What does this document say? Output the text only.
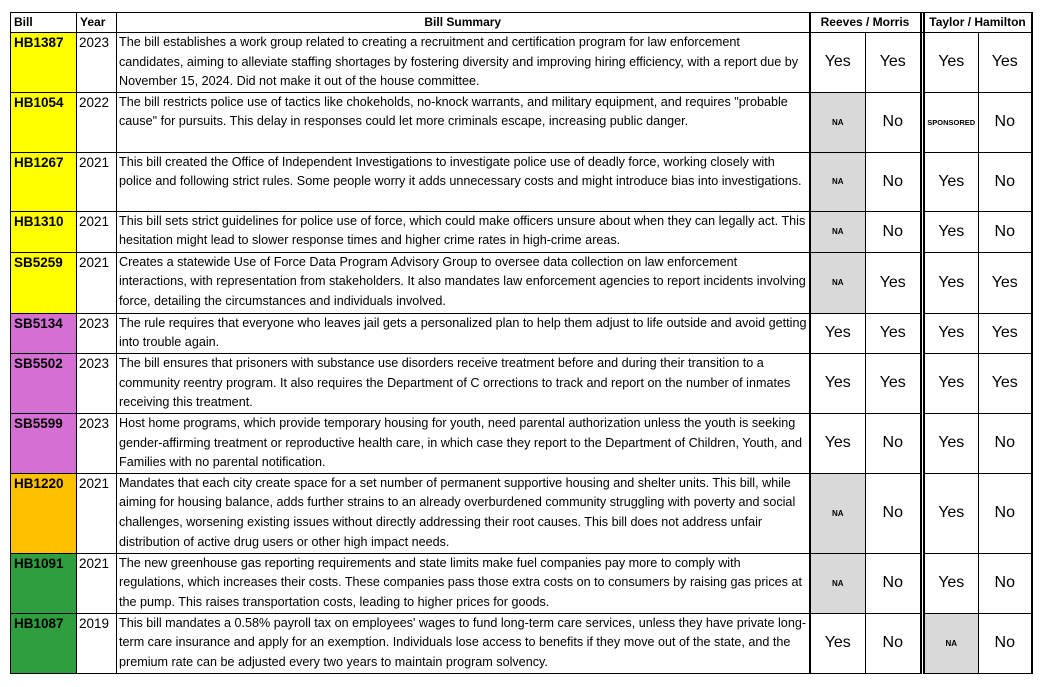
Bill	Year	Bill Summary	Reeves / Morris			Taylor / Hamilton	
HB1387	2023	The bill establishes a work group related to creating a recruitment and certification program for law enforcement candidates, aiming to alleviate staffing shortages by fostering diversity and improving hiring efficiency, with a report due by November 15, 2024. Did not make it out of the house committee.	Yes	Yes		Yes	Yes
HB1054	2022	The bill restricts police use of tactics like chokeholds, no-knock warrants, and military equipment, and requires "probable cause" for pursuits. This delay in responses could let more criminals escape, increasing public danger.	NA	No		SPONSORED	No
HB1267	2021	This bill created the Office of Independent Investigations to investigate police use of deadly force, working closely with police and following strict rules. Some people worry it adds unnecessary costs and might introduce bias into investigations.	NA	No		Yes	No
HB1310	2021	This bill sets strict guidelines for police use of force, which could make officers unsure about when they can legally act. This hesitation might lead to slower response times and higher crime rates in high-crime areas.	NA	No		Yes	No
SB5259	2021	Creates a statewide Use of Force Data Program Advisory Group to oversee data collection on law enforcement interactions, with representation from stakeholders. It also mandates law enforcement agencies to report incidents involving force, detailing the circumstances and individuals involved.	NA	Yes		Yes	Yes
SB5134	2023	The rule requires that everyone who leaves jail gets a personalized plan to help them adjust to life outside and avoid getting into trouble again.	Yes	Yes		Yes	Yes
SB5502	2023	The bill ensures that prisoners with substance use disorders receive treatment before and during their transition to a community reentry program. It also requires the Department of C orrections to track and report on the number of inmates receiving this treatment.	Yes	Yes		Yes	Yes
SB5599	2023	Host home programs, which provide temporary housing for youth, need parental authorization unless the youth is seeking gender-affirming treatment or reproductive health care, in which case they report to the Department of Children, Youth, and Families with no parental notification.	Yes	No		Yes	No
HB1220	2021	Mandates that each city create space for a set number of permanent supportive housing and shelter units. This bill, while aiming for housing balance, adds further strains to an already overburdened community struggling with poverty and social challenges, worsening existing issues without directly addressing their root causes. This bill does not address unfair distribution of active drug users or other high impact needs.	NA	No		Yes	No
HB1091	2021	The new greenhouse gas reporting requirements and state limits make fuel companies pay more to comply with regulations, which increases their costs. These companies pass those extra costs on to consumers by raising gas prices at the pump. This raises transportation costs, leading to higher prices for goods.	NA	No		Yes	No
HB1087	2019	This bill mandates a 0.58% payroll tax on employees' wages to fund long-term care services, unless they have private long-term care insurance and apply for an exemption. Individuals lose access to benefits if they move out of the state, and the premium rate can be adjusted every two years to maintain program solvency.	Yes	No		NA	No
